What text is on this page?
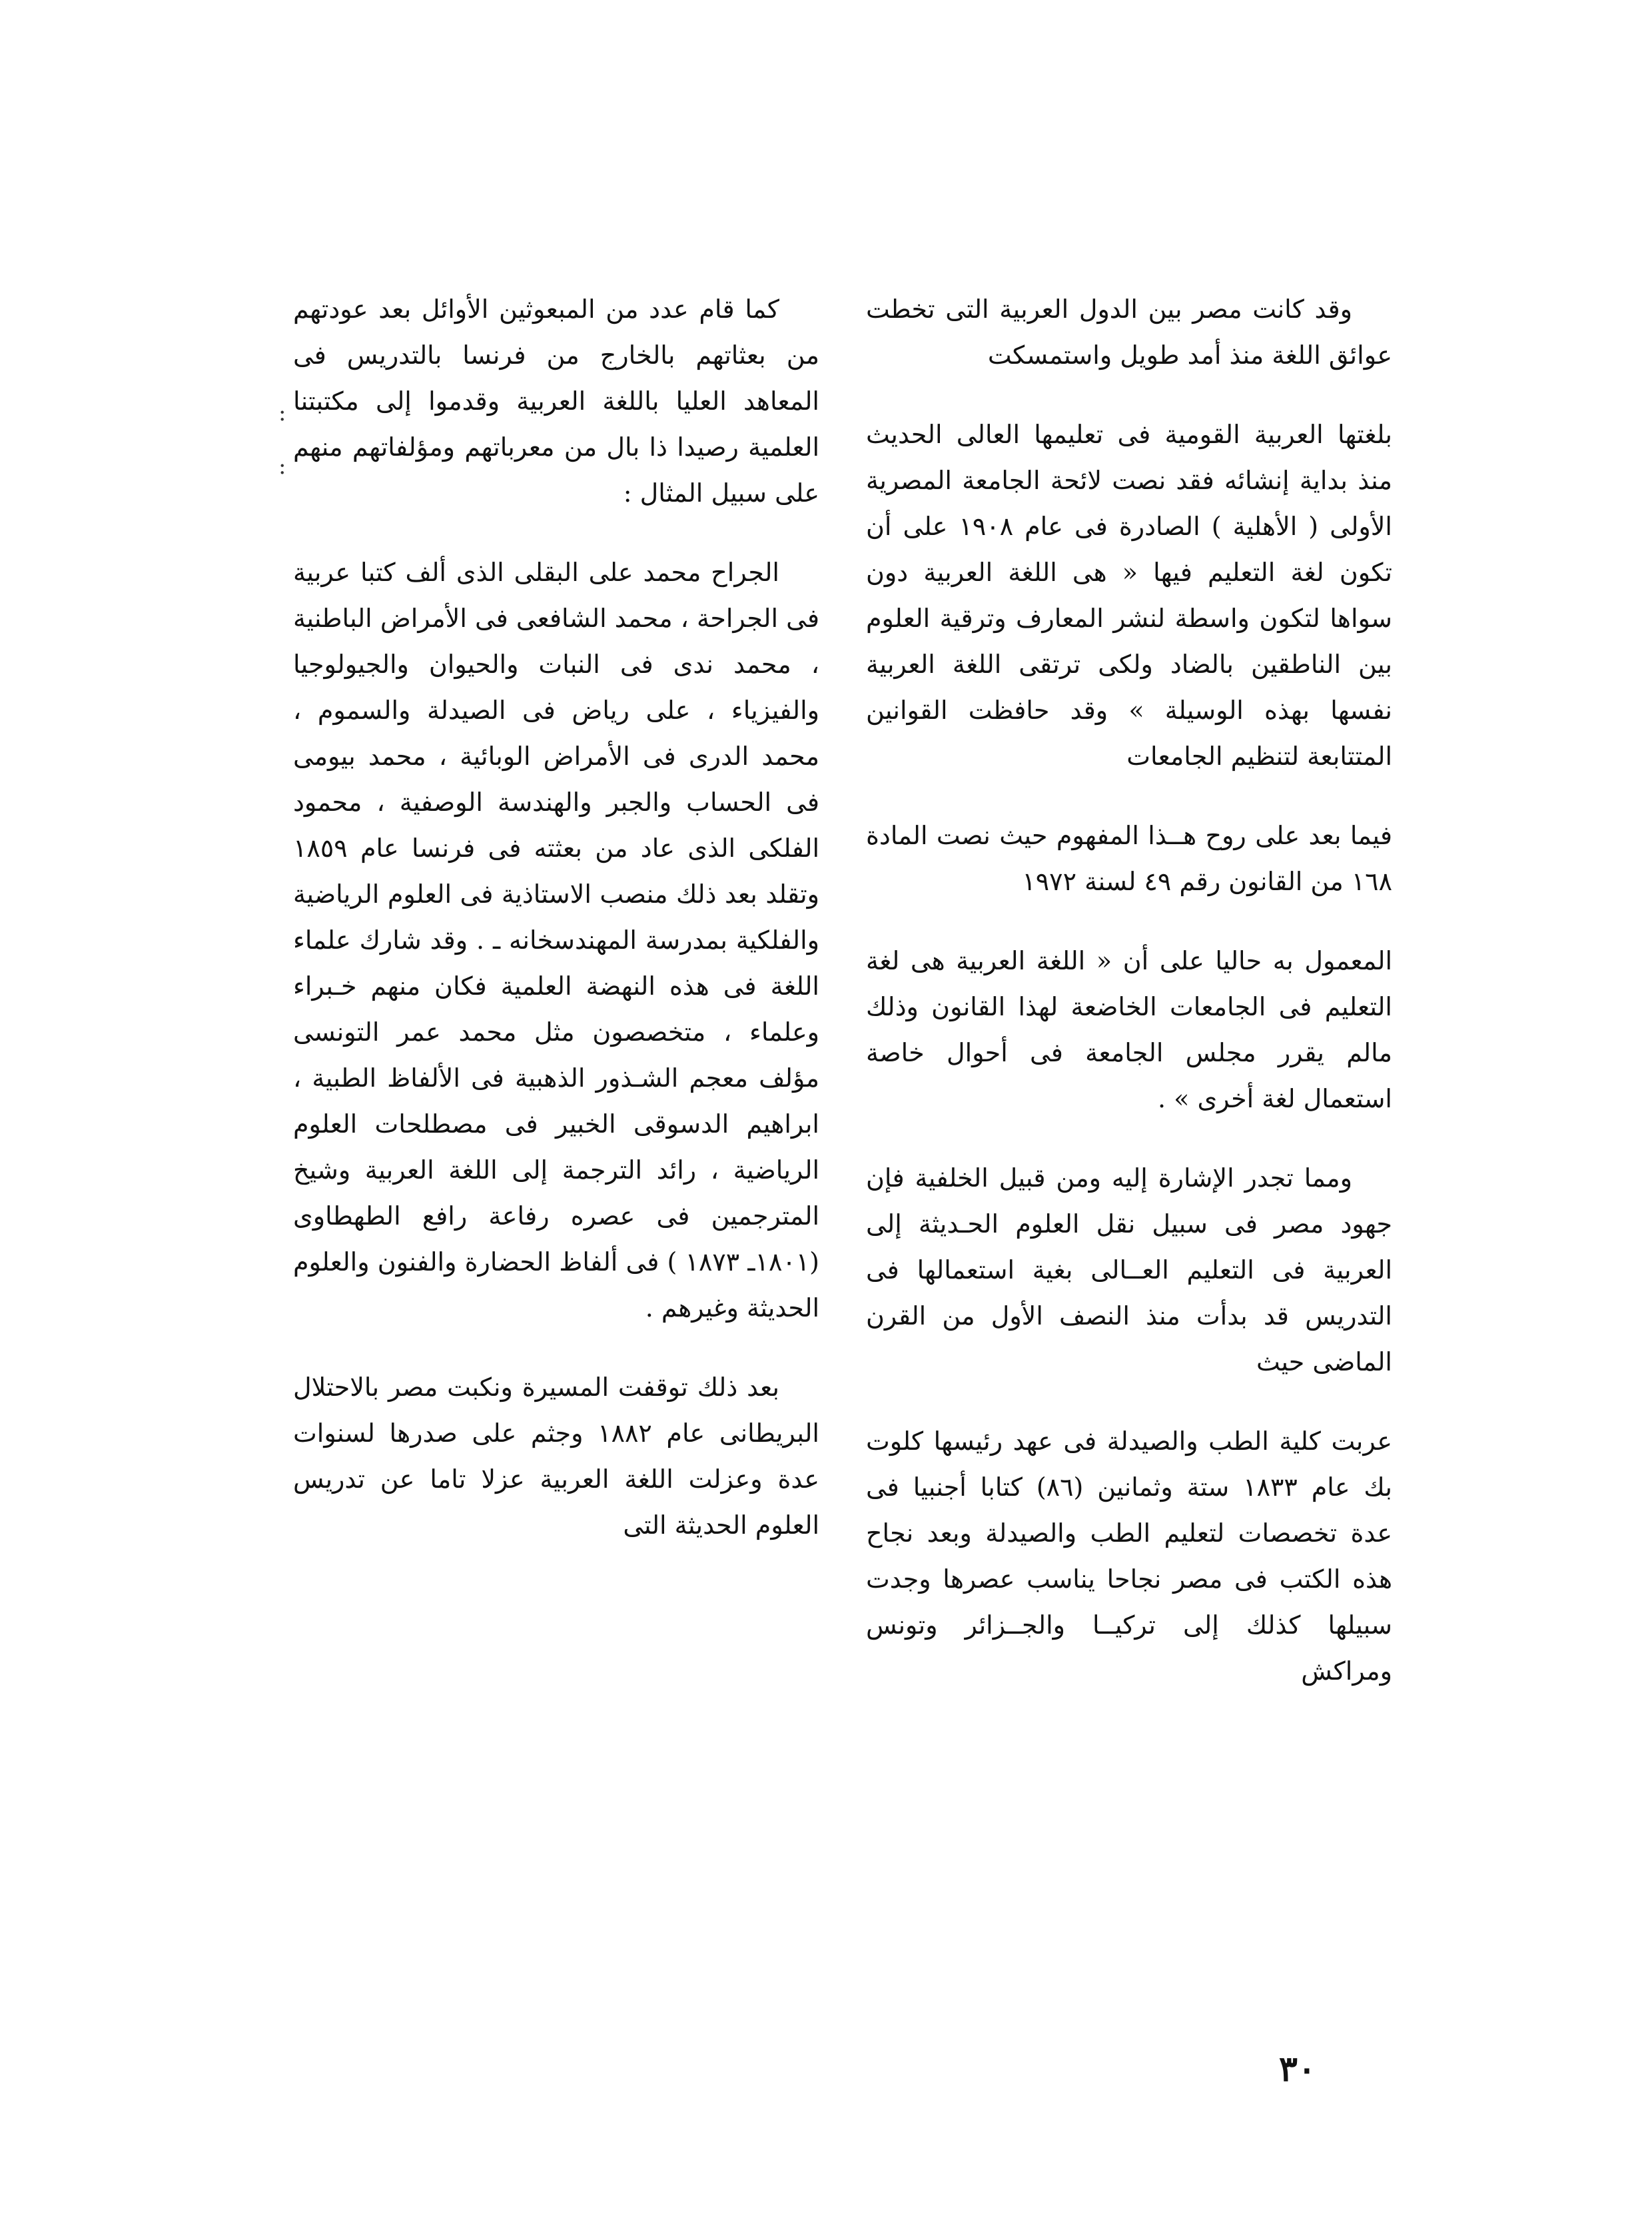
وقد كانت مصر بين الدول العربية التى تخطت عوائق اللغة منذ أمد طويل واستمسكت

بلغتها العربية القومية فى تعليمها العالى الحديث منذ بداية إنشائه فقد نصت لائحة الجامعة المصرية الأولى ( الأهلية ) الصادرة فى عام ١٩٠٨ على أن تكون لغة التعليم فيها « هى اللغة العربية دون سواها لتكون واسطة لنشر المعارف وترقية العلوم بين الناطقين بالضاد ولكى ترتقى اللغة العربية نفسها بهذه الوسيلة » وقد حافظت القوانين المتتابعة لتنظيم الجامعات

فيما بعد على روح هــذا المفهوم حيث نصت المادة ١٦٨ من القانون رقم ٤٩ لسنة ١٩٧٢

المعمول به حاليا على أن « اللغة العربية هى لغة التعليم فى الجامعات الخاضعة لهذا القانون وذلك مالم يقرر مجلس الجامعة فى أحوال خاصة استعمال لغة أخرى » .

ومما تجدر الإشارة إليه ومن قبيل الخلفية فإن جهود مصر فى سبيل نقل العلوم الحـديثة إلى العربية فى التعليم العــالى بغية استعمالها فى التدريس قد بدأت منذ النصف الأول من القرن الماضى حيث

عربت كلية الطب والصيدلة فى عهد رئيسها كلوت بك عام ١٨٣٣ ستة وثمانين (٨٦) كتابا أجنبيا فى عدة تخصصات لتعليم الطب والصيدلة وبعد نجاح هذه الكتب فى مصر نجاحا يناسب عصرها وجدت سبيلها كذلك إلى تركيــا والجــزائر وتونس ومراكش

كما قام عدد من المبعوثين الأوائل بعد عودتهم من بعثاتهم بالخارج من فرنسا بالتدريس فى المعاهد العليا باللغة العربية وقدموا إلى مكتبتنا العلمية رصيدا ذا بال من معرباتهم ومؤلفاتهم منهم على سبيل المثال :

الجراح محمد على البقلى الذى ألف كتبا عربية فى الجراحة ، محمد الشافعى فى الأمراض الباطنية ، محمد ندى فى النبات والحيوان والجيولوجيا والفيزياء ، على رياض فى الصيدلة والسموم ، محمد الدرى فى الأمراض الوبائية ، محمد بيومى فى الحساب والجبر والهندسة الوصفية ، محمود الفلكى الذى عاد من بعثته فى فرنسا عام ١٨٥٩ وتقلد بعد ذلك منصب الاستاذية فى العلوم الرياضية والفلكية بمدرسة المهندسخانه ـ . وقد شارك علماء اللغة فى هذه النهضة العلمية فكان منهم خـبراء وعلماء ، متخصصون مثل محمد عمر التونسى مؤلف معجم الشـذور الذهبية فى الألفاظ الطبية ، ابراهيم الدسوقى الخبير فى مصطلحات العلوم الرياضية ، رائد الترجمة إلى اللغة العربية وشيخ المترجمين فى عصره رفاعة رافع الطهطاوى (١٨٠١ـ ١٨٧٣ ) فى ألفاظ الحضارة والفنون والعلوم الحديثة وغيرهم .

بعد ذلك توقفت المسيرة ونكبت مصر بالاحتلال البريطانى عام ١٨٨٢ وجثم على صدرها لسنوات عدة وعزلت اللغة العربية عزلا تاما عن تدريس العلوم الحديثة التى

:
:
٣٠
